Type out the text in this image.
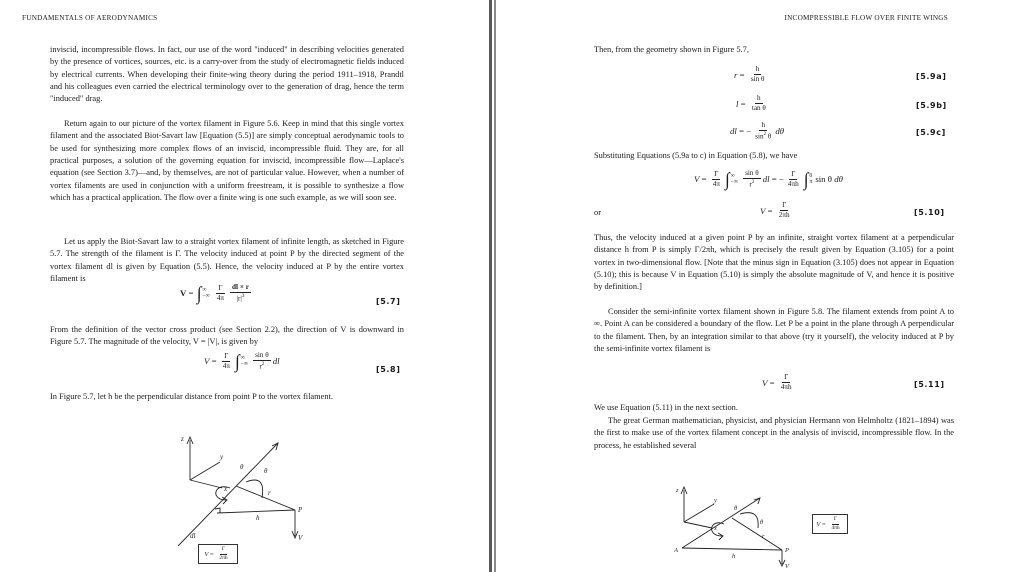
FUNDAMENTALS OF AERODYNAMICS

inviscid, incompressible flows. In fact, our use of the word "induced" in describing velocities generated by the presence of vortices, sources, etc. is a carry-over from the study of electromagnetic fields induced by electrical currents. When developing their finite-wing theory during the period 1911–1918, Prandtl and his colleagues even carried the electrical terminology over to the generation of drag, hence the term "induced" drag.

Return again to our picture of the vortex filament in Figure 5.6. Keep in mind that this single vortex filament and the associated Biot-Savart law [Equation (5.5)] are simply conceptual aerodynamic tools to be used for synthesizing more complex flows of an inviscid, incompressible fluid. They are, for all practical purposes, a solution of the governing equation for inviscid, incompressible flow—Laplace's equation (see Section 3.7)—and, by themselves, are not of particular value. However, when a number of vortex filaments are used in conjunction with a uniform freestream, it is possible to synthesize a flow which has a practical application. The flow over a finite wing is one such example, as we will soon see.

Let us apply the Biot-Savart law to a straight vortex filament of infinite length, as sketched in Figure 5.7. The strength of the filament is Γ. The velocity induced at point P by the directed segment of the vortex filament dl is given by Equation (5.5). Hence, the velocity induced at P by the entire vortex filament is

V = ∫ ∞
−∞ $\frac{\Gamma}{4\pi} \frac{dl \times r}{|r|^3}$	[5.7]

From the definition of the vector cross product (see Section 2.2), the direction of V is downward in Figure 5.7. The magnitude of the velocity, V = |V|, is given by

$V = \frac{\Gamma}{4\pi}$ ∫ ∞
−∞ $\frac{\text{sin θ}}{r^2}$ dl
[5.8]

In Figure 5.7, let h be the perpendicular distance from point P to the vortex filament.

z
y
x
θ	θ
r
h
P
V
dl
$V = \frac{\Gamma}{2\pi h}$
INCOMPRESSIBLE FLOW OVER FINITE WINGS

Then, from the geometry shown in Figure 5.7,

$r = \frac{h}{\text{sin θ}}$	[5.9a]
$l = \frac{h}{\text{tan θ}}$	[5.9b]
dl = − $\frac{h}{\sin^2 \theta}$ dθ	[5.9c]

Substituting Equations (5.9a to c) in Equation (5.8), we have

$V = \frac{\Gamma}{4\pi}$ ∫ ∞
−∞ $\frac{\text{sin θ}}{r^2}$ dl = − $\frac{\Gamma}{4\pi h}$ ∫ 0
π sin θ dθ
or	$V = \frac{\Gamma}{2\pi h}$	[5.10]

Thus, the velocity induced at a given point P by an infinite, straight vortex filament at a perpendicular distance h from P is simply Γ/2πh, which is precisely the result given by Equation (3.105) for a point vortex in two-dimensional flow. [Note that the minus sign in Equation (3.105) does not appear in Equation (5.10); this is because V in Equation (5.10) is simply the absolute magnitude of V, and hence it is positive by definition.]

Consider the semi-infinite vortex filament shown in Figure 5.8. The filament extends from point A to ∞. Point A can be considered a boundary of the flow. Let P be a point in the plane through A perpendicular to the filament. Then, by an integration similar to that above (try it yourself), the velocity induced at P by the semi-infinite vortex filament is

$V = \frac{\Gamma}{4\pi h}$	[5.11]

We use Equation (5.11) in the next section.

The great German mathematician, physicist, and physician Hermann von Helmholtz (1821–1894) was the first to make use of the vortex filament concept in the analysis of inviscid, incompressible flow. In the process, he established several

z
y
x
A
θ
θ
r
h
P
V
$V = \frac{\Gamma}{4\pi h}$
